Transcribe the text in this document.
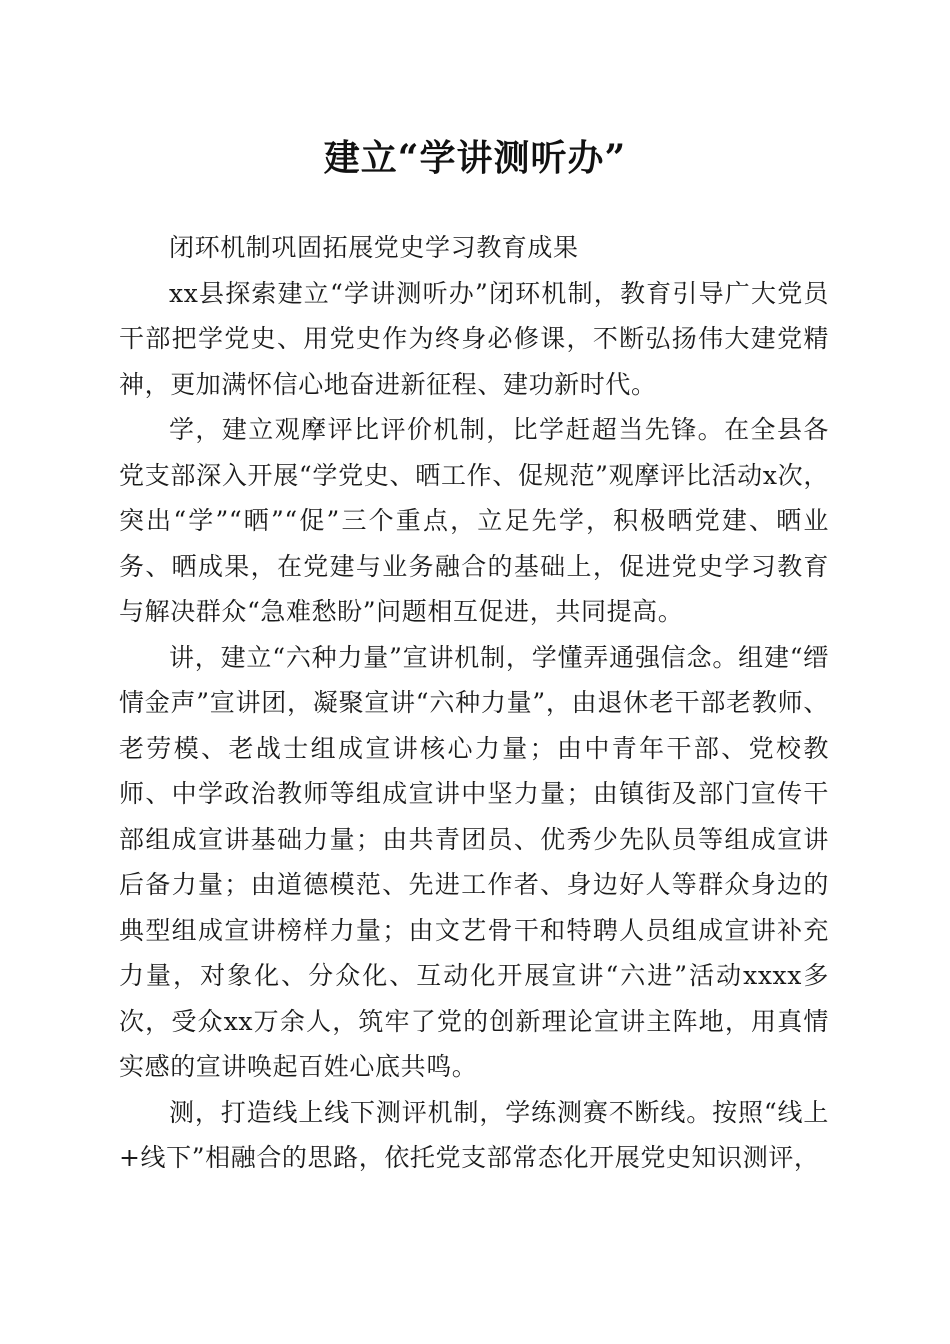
建立“学讲测听办”

闭环机制巩固拓展党史学习教育成果

xx县探索建立“学讲测听办”闭环机制，教育引导广大党员干部把学党史、用党史作为终身必修课，不断弘扬伟大建党精神，更加满怀信心地奋进新征程、建功新时代。

学，建立观摩评比评价机制，比学赶超当先锋。在全县各党支部深入开展“学党史、晒工作、促规范”观摩评比活动x次，突出“学”“晒”“促”三个重点，立足先学，积极晒党建、晒业务、晒成果，在党建与业务融合的基础上，促进党史学习教育与解决群众“急难愁盼”问题相互促进，共同提高。

讲，建立“六种力量”宣讲机制，学懂弄通强信念。组建“缙情金声”宣讲团，凝聚宣讲“六种力量”，由退休老干部老教师、老劳模、老战士组成宣讲核心力量；由中青年干部、党校教师、中学政治教师等组成宣讲中坚力量；由镇街及部门宣传干部组成宣讲基础力量；由共青团员、优秀少先队员等组成宣讲后备力量；由道德模范、先进工作者、身边好人等群众身边的典型组成宣讲榜样力量；由文艺骨干和特聘人员组成宣讲补充力量，对象化、分众化、互动化开展宣讲“六进”活动xxxx多次，受众xx万余人，筑牢了党的创新理论宣讲主阵地，用真情实感的宣讲唤起百姓心底共鸣。

测，打造线上线下测评机制，学练测赛不断线。按照“线上+线下”相融合的思路，依托党支部常态化开展党史知识测评，
